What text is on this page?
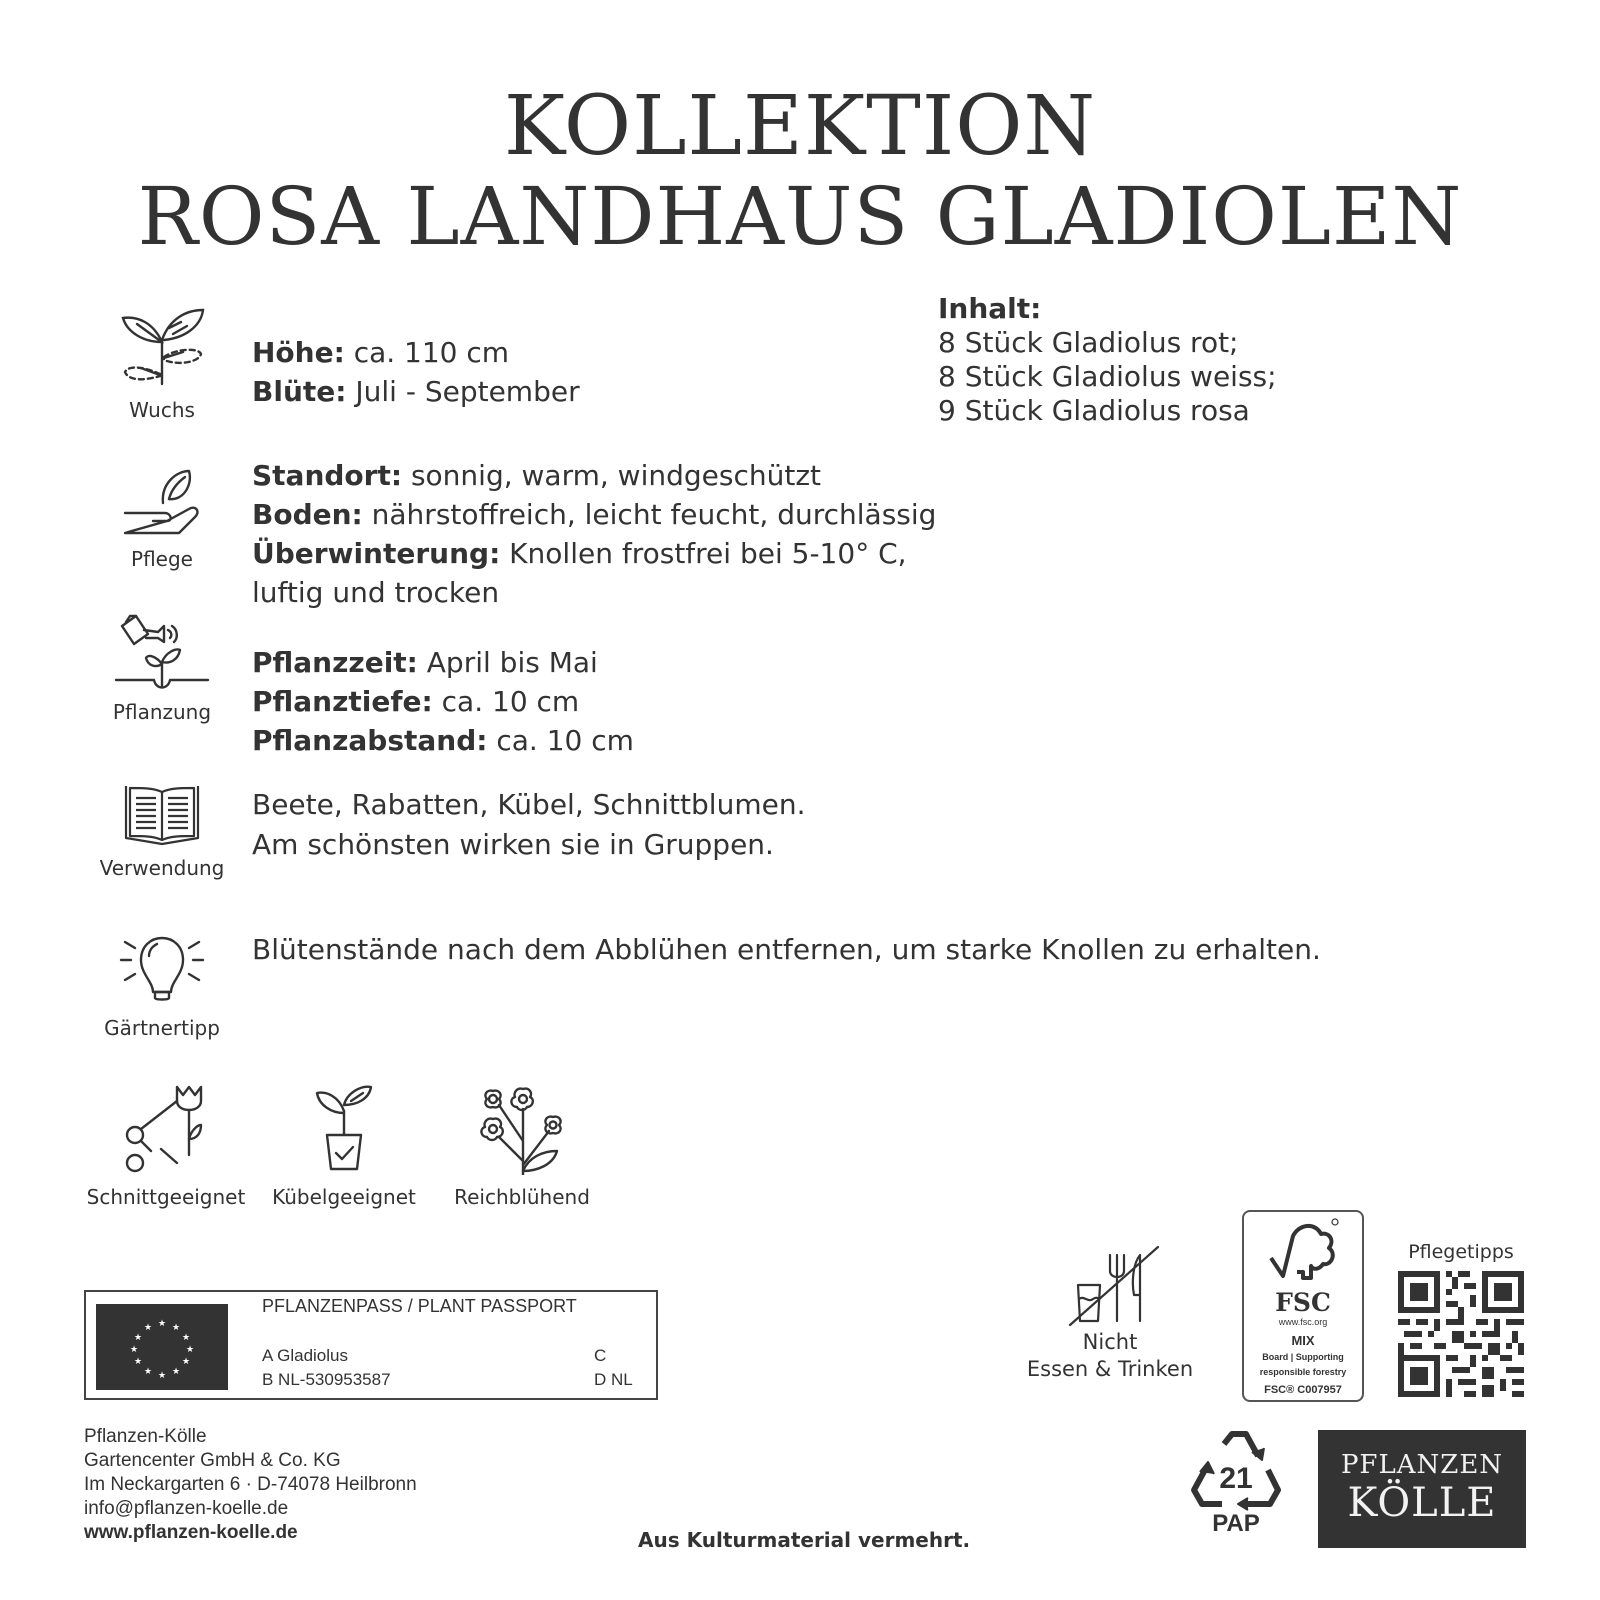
KOLLEKTION
ROSA LANDHAUS GLADIOLEN
Wuchs
Höhe: ca. 110 cm
Blüte: Juli - September
Pflege
Standort: sonnig, warm, windgeschützt
Boden: nährstoffreich, leicht feucht, durchlässig
Überwinterung: Knollen frostfrei bei 5-10° C,
luftig und trocken
Pflanzung
Pflanzzeit: April bis Mai
Pflanztiefe: ca. 10 cm
Pflanzabstand: ca. 10 cm
Verwendung
Beete, Rabatten, Kübel, Schnittblumen.
Am schönsten wirken sie in Gruppen.
Gärtnertipp
Blütenstände nach dem Abblühen entfernen, um starke Knollen zu erhalten.
Inhalt:
8 Stück Gladiolus rot;
8 Stück Gladiolus weiss;
9 Stück Gladiolus rosa
Schnittgeeignet	Kübelgeeignet	Reichblühend
★ ★
★
★
★
★
★
★
★
★
★
★
PFLANZENPASS / PLANT PASSPORT
A Gladiolus
B NL-530953587
C
D NL
Pflanzen-Kölle
Gartencenter GmbH & Co. KG
Im Neckargarten 6 · D-74078 Heilbronn
info@pflanzen-koelle.de
www.pflanzen-koelle.de	Aus Kulturmaterial vermehrt.
Nicht
Essen & Trinken
FSC
www.fsc.org
MIX
Board | Supporting
responsible forestry
FSC® C007957
Pflegetipps
21
PAP
PFLANZEN
KÖLLE
